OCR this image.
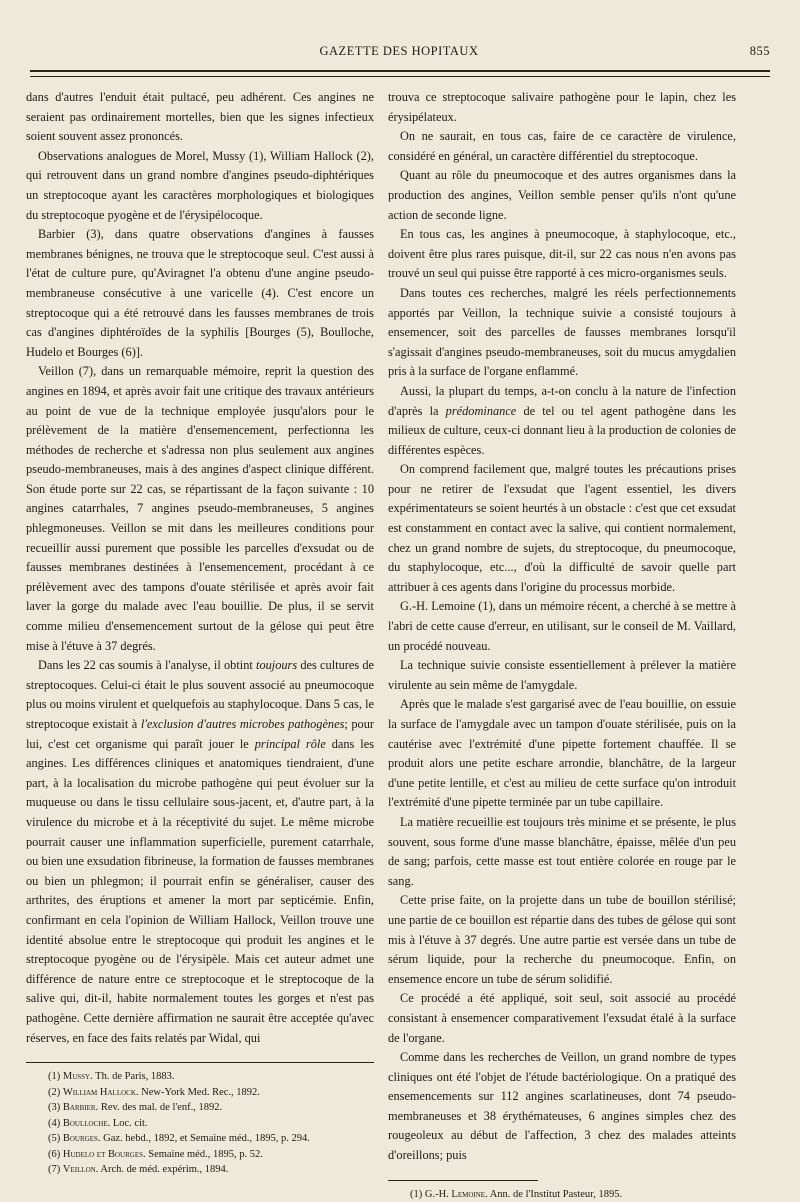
GAZETTE DES HOPITAUX	855

dans d'autres l'enduit était pultacé, peu adhérent. Ces angines ne seraient pas ordinairement mortelles, bien que les signes infectieux soient souvent assez prononcés.

Observations analogues de Morel, Mussy (1), William Hallock (2), qui retrouvent dans un grand nombre d'angines pseudo-diphtériques un streptocoque ayant les caractères morphologiques et biologiques du streptocoque pyogène et de l'érysipélocoque.

Barbier (3), dans quatre observations d'angines à fausses membranes bénignes, ne trouva que le streptocoque seul. C'est aussi à l'état de culture pure, qu'Aviragnet l'a obtenu d'une angine pseudo-membraneuse consécutive à une varicelle (4). C'est encore un streptocoque qui a été retrouvé dans les fausses membranes de trois cas d'angines diphtéroïdes de la syphilis [Bourges (5), Boulloche, Hudelo et Bourges (6)].

Veillon (7), dans un remarquable mémoire, reprit la question des angines en 1894, et après avoir fait une critique des travaux antérieurs au point de vue de la technique employée jusqu'alors pour le prélèvement de la matière d'ensemencement, perfectionna les méthodes de recherche et s'adressa non plus seulement aux angines pseudo-membraneuses, mais à des angines d'aspect clinique différent. Son étude porte sur 22 cas, se répartissant de la façon suivante : 10 angines catarrhales, 7 angines pseudo-membraneuses, 5 angines phlegmoneuses. Veillon se mit dans les meilleures conditions pour recueillir aussi purement que possible les parcelles d'exsudat ou de fausses membranes destinées à l'ensemencement, procédant à ce prélèvement avec des tampons d'ouate stérilisée et après avoir fait laver la gorge du malade avec l'eau bouillie. De plus, il se servit comme milieu d'ensemencement surtout de la gélose qui peut être mise à l'étuve à 37 degrés.

Dans les 22 cas soumis à l'analyse, il obtint toujours des cultures de streptocoques. Celui-ci était le plus souvent associé au pneumocoque plus ou moins virulent et quelquefois au staphylocoque. Dans 5 cas, le streptocoque existait à l'exclusion d'autres microbes pathogènes; pour lui, c'est cet organisme qui paraît jouer le principal rôle dans les angines. Les différences cliniques et anatomiques tiendraient, d'une part, à la localisation du microbe pathogène qui peut évoluer sur la muqueuse ou dans le tissu cellulaire sous-jacent, et, d'autre part, à la virulence du microbe et à la réceptivité du sujet. Le même microbe pourrait causer une inflammation superficielle, purement catarrhale, ou bien une exsudation fibrineuse, la formation de fausses membranes ou bien un phlegmon; il pourrait enfin se généraliser, causer des arthrites, des éruptions et amener la mort par septicémie. Enfin, confirmant en cela l'opinion de William Hallock, Veillon trouve une identité absolue entre le streptocoque qui produit les angines et le streptocoque pyogène ou de l'érysipèle. Mais cet auteur admet une différence de nature entre ce streptocoque et le streptocoque de la salive qui, dit-il, habite normalement toutes les gorges et n'est pas pathogène. Cette dernière affirmation ne saurait être acceptée qu'avec réserves, en face des faits relatés par Widal, qui

(1) Mussy. Th. de Paris, 1883.

(2) William Hallock. New-York Med. Rec., 1892.

(3) Barbier. Rev. des mal. de l'enf., 1892.

(4) Boulloche. Loc. cit.

(5) Bourges. Gaz. hebd., 1892, et Semaine méd., 1895, p. 294.

(6) Hudelo et Bourges. Semaine méd., 1895, p. 52.

(7) Veillon. Arch. de méd. expérim., 1894.

trouva ce streptocoque salivaire pathogène pour le lapin, chez les érysipélateux.

On ne saurait, en tous cas, faire de ce caractère de virulence, considéré en général, un caractère différentiel du streptocoque.

Quant au rôle du pneumocoque et des autres organismes dans la production des angines, Veillon semble penser qu'ils n'ont qu'une action de seconde ligne.

En tous cas, les angines à pneumocoque, à staphylocoque, etc., doivent être plus rares puisque, dit-il, sur 22 cas nous n'en avons pas trouvé un seul qui puisse être rapporté à ces micro-organismes seuls.

Dans toutes ces recherches, malgré les réels perfectionnements apportés par Veillon, la technique suivie a consisté toujours à ensemencer, soit des parcelles de fausses membranes lorsqu'il s'agissait d'angines pseudo-membraneuses, soit du mucus amygdalien pris à la surface de l'organe enflammé.

Aussi, la plupart du temps, a-t-on conclu à la nature de l'infection d'après la prédominance de tel ou tel agent pathogène dans les milieux de culture, ceux-ci donnant lieu à la production de colonies de différentes espèces.

On comprend facilement que, malgré toutes les précautions prises pour ne retirer de l'exsudat que l'agent essentiel, les divers expérimentateurs se soient heurtés à un obstacle : c'est que cet exsudat est constamment en contact avec la salive, qui contient normalement, chez un grand nombre de sujets, du streptocoque, du pneumocoque, du staphylocoque, etc..., d'où la difficulté de savoir quelle part attribuer à ces agents dans l'origine du processus morbide.

G.-H. Lemoine (1), dans un mémoire récent, a cherché à se mettre à l'abri de cette cause d'erreur, en utilisant, sur le conseil de M. Vaillard, un procédé nouveau.

La technique suivie consiste essentiellement à prélever la matière virulente au sein même de l'amygdale.

Après que le malade s'est gargarisé avec de l'eau bouillie, on essuie la surface de l'amygdale avec un tampon d'ouate stérilisée, puis on la cautérise avec l'extrémité d'une pipette fortement chauffée. Il se produit alors une petite eschare arrondie, blanchâtre, de la largeur d'une petite lentille, et c'est au milieu de cette surface qu'on introduit l'extrémité d'une pipette terminée par un tube capillaire.

La matière recueillie est toujours très minime et se présente, le plus souvent, sous forme d'une masse blanchâtre, épaisse, mêlée d'un peu de sang; parfois, cette masse est tout entière colorée en rouge par le sang.

Cette prise faite, on la projette dans un tube de bouillon stérilisé; une partie de ce bouillon est répartie dans des tubes de gélose qui sont mis à l'étuve à 37 degrés. Une autre partie est versée dans un tube de sérum liquide, pour la recherche du pneumocoque. Enfin, on ensemence encore un tube de sérum solidifié.

Ce procédé a été appliqué, soit seul, soit associé au procédé consistant à ensemencer comparativement l'exsudat étalé à la surface de l'organe.

Comme dans les recherches de Veillon, un grand nombre de types cliniques ont été l'objet de l'étude bactériologique. On a pratiqué des ensemencements sur 112 angines scarlatineuses, dont 74 pseudo-membraneuses et 38 érythémateuses, 6 angines simples chez des rougeoleux au début de l'affection, 3 chez des malades atteints d'oreillons; puis

(1) G.-H. Lemoine. Ann. de l'Institut Pasteur, 1895.
